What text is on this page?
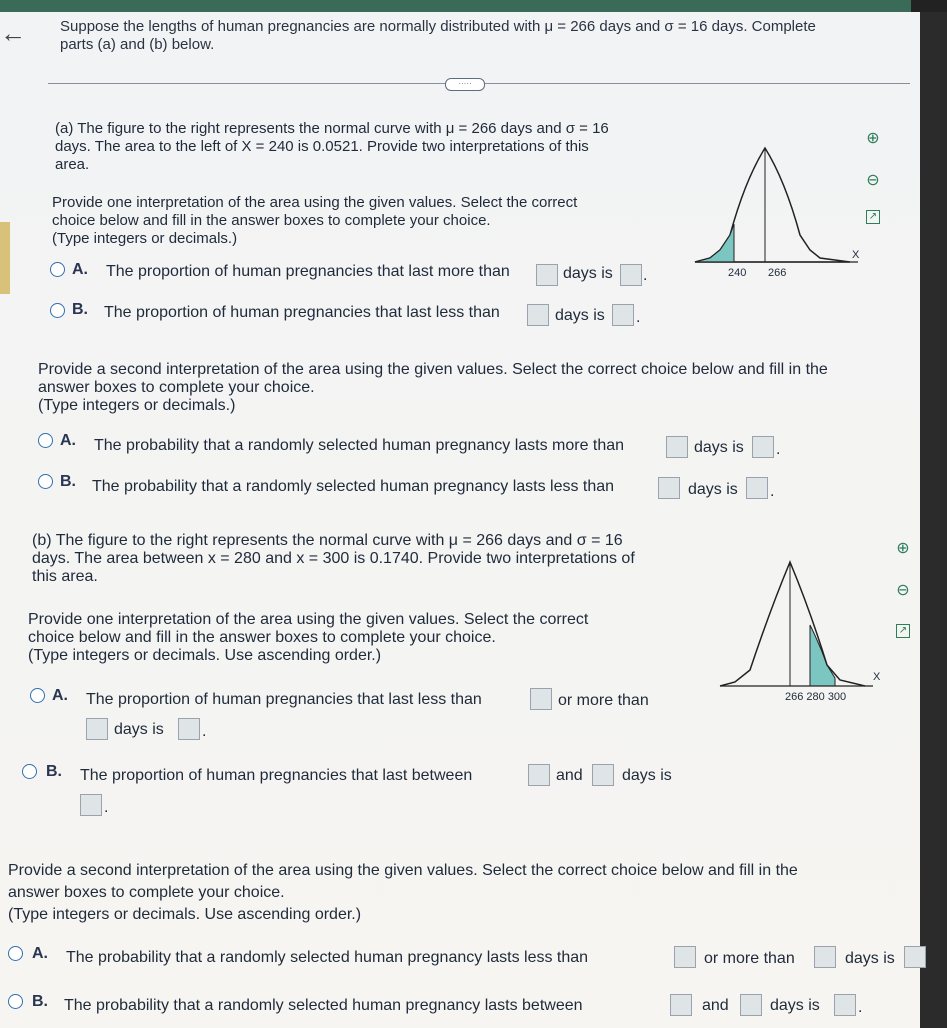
← Suppose the lengths of human pregnancies are normally distributed with μ = 266 days and σ = 16 days. Complete
parts (a) and (b) below.
·····
(a) The figure to the right represents the normal curve with μ = 266 days and σ = 16
days. The area to the left of X = 240 is 0.0521. Provide two interpretations of this
area.
Provide one interpretation of the area using the given values. Select the correct
choice below and fill in the answer boxes to complete your choice.
(Type integers or decimals.)
A. The proportion of human pregnancies that last more than	days is .
B. The proportion of human pregnancies that last less than	days is .
240 266
X
⊕
⊖
↗
Provide a second interpretation of the area using the given values. Select the correct choice below and fill in the
answer boxes to complete your choice.
(Type integers or decimals.)
A. The probability that a randomly selected human pregnancy lasts more than	days is .
B. The probability that a randomly selected human pregnancy lasts less than	days is .
(b) The figure to the right represents the normal curve with μ = 266 days and σ = 16
days. The area between x = 280 and x = 300 is 0.1740. Provide two interpretations of
this area.
Provide one interpretation of the area using the given values. Select the correct
choice below and fill in the answer boxes to complete your choice.
(Type integers or decimals. Use ascending order.)
A. The proportion of human pregnancies that last less than	or more than
days is .
B. The proportion of human pregnancies that last between	and days is
.
266 280 300
X
⊕
⊖
↗
Provide a second interpretation of the area using the given values. Select the correct choice below and fill in the
answer boxes to complete your choice.
(Type integers or decimals. Use ascending order.)
A. The probability that a randomly selected human pregnancy lasts less than	or more than	days is
B. The probability that a randomly selected human pregnancy lasts between	and	days is .
